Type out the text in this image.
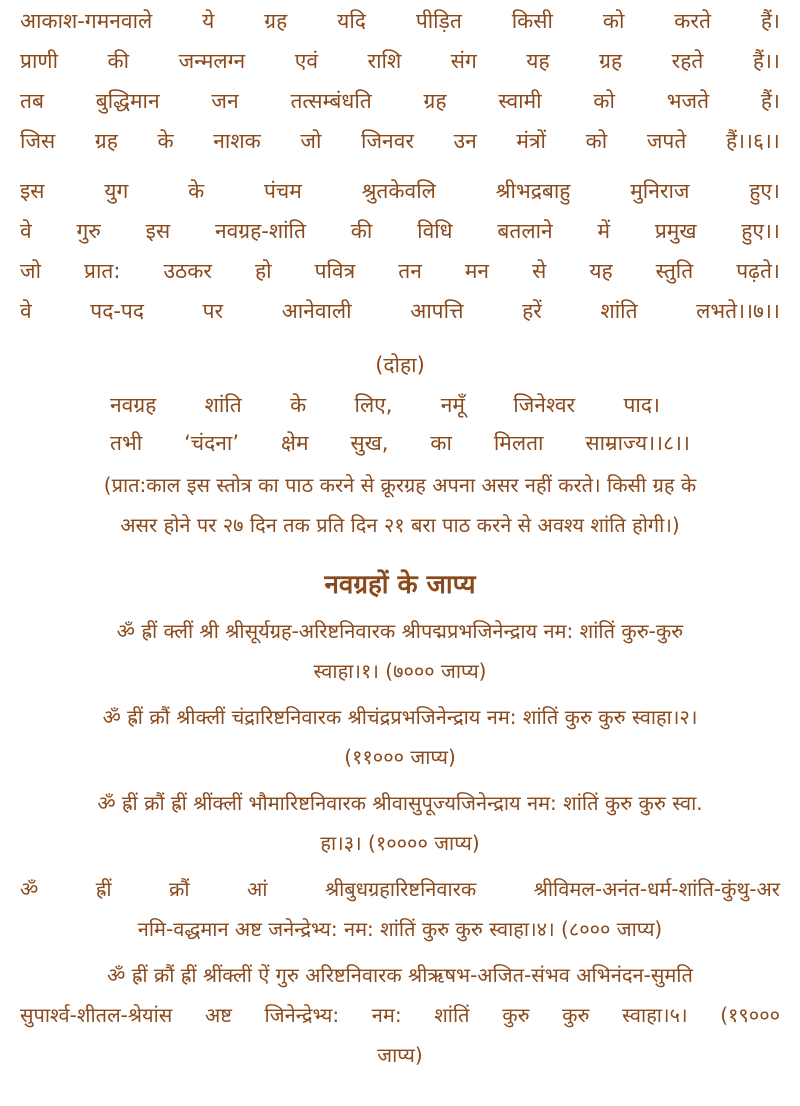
आकाश-गमनवाले ये ग्रह यदि पीड़ित किसी को करते हैं।
प्राणी की जन्मलग्न एवं राशि संग यह ग्रह रहते हैं।।
तब बुद्धिमान जन तत्सम्बंधति ग्रह स्वामी को भजते हैं।
जिस ग्रह के नाशक जो जिनवर उन मंत्रों को जपते हैं।।६।।
इस	युग	के	पंचम	श्रुतकेवलि	श्रीभद्रबाहु	मुनिराज	हुए।
वे गुरु इस नवग्रह-शांति की विधि बतलाने में प्रमुख हुए।।
जो प्रात: उठकर हो पवित्र तन मन से यह स्तुति पढ़ते।
वे	पद-पद	पर	आनेवाली	आपत्ति	हरें	शांति	लभते।।७।।
(दोहा)
नवग्रह शांति के लिए, नमूँ जिनेश्वर पाद।
तभी ‘चंदना’ क्षेम सुख, का मिलता साम्राज्य।।८।।
(प्रात:काल इस स्तोत्र का पाठ करने से क्रूरग्रह अपना असर नहीं करते। किसी ग्रह के
असर होने पर २७ दिन तक प्रति दिन २१ बरा पाठ करने से अवश्य शांति होगी।)
नवग्रहों के जाप्य
ॐ ह्रीं क्लीं श्री श्रीसूर्यग्रह-अरिष्टनिवारक श्रीपद्मप्रभजिनेन्द्राय नम: शांतिं कुरु-कुरु
स्वाहा।१। (७००० जाप्य)
ॐ ह्रीं क्रौं श्रीक्लीं चंद्रारिष्टनिवारक श्रीचंद्रप्रभजिनेन्द्राय नम: शांतिं कुरु कुरु स्वाहा।२।
(११००० जाप्य)
ॐ ह्रीं क्रौं ह्रीं श्रींक्लीं भौमारिष्टनिवारक श्रीवासुपूज्यजिनेन्द्राय नम: शांतिं कुरु कुरु स्वा.
हा।३। (१०००० जाप्य)
ॐ	ह्रीं	क्रौं	आं	श्रीबुधग्रहारिष्टनिवारक	श्रीविमल-अनंत-धर्म-शांति-कुंथु-अर
नमि-वद्धमान अष्ट जनेन्द्रेभ्य: नम: शांतिं कुरु कुरु स्वाहा।४। (८००० जाप्य)
ॐ ह्रीं क्रौं ह्रीं श्रींक्लीं ऐं गुरु अरिष्टनिवारक श्रीऋषभ-अजित-संभव अभिनंदन-सुमति
सुपार्श्व-शीतल-श्रेयांस अष्ट जिनेन्द्रेभ्य: नम: शांतिं कुरु कुरु स्वाहा।५। (१९०००
जाप्य)
